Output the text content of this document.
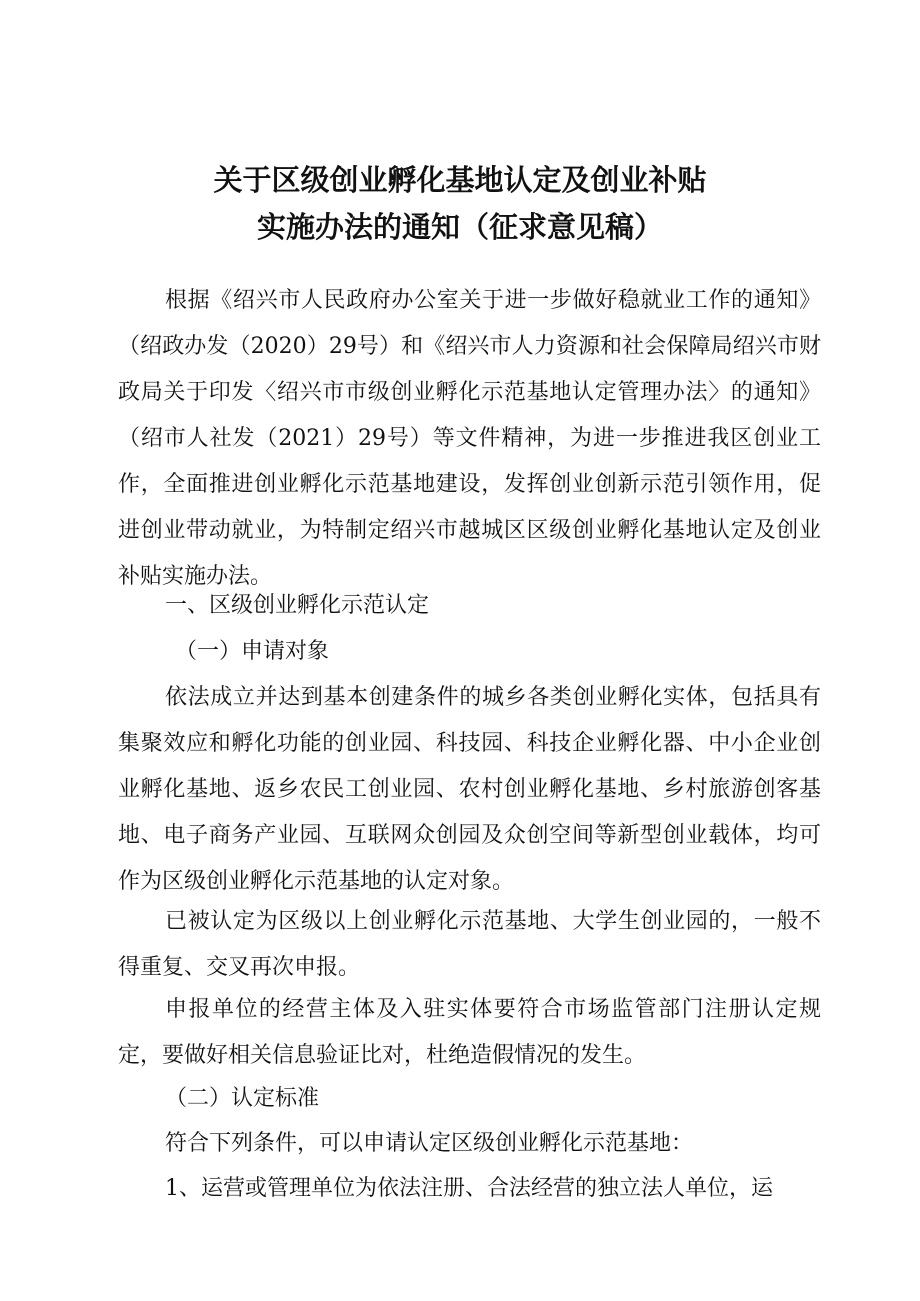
关于区级创业孵化基地认定及创业补贴
实施办法的通知（征求意见稿）

根据《绍兴市人民政府办公室关于进一步做好稳就业工作的通知》（绍政办发（2020）29号）和《绍兴市人力资源和社会保障局绍兴市财政局关于印发〈绍兴市市级创业孵化示范基地认定管理办法〉的通知》（绍市人社发（2021）29号）等文件精神，为进一步推进我区创业工作，全面推进创业孵化示范基地建设，发挥创业创新示范引领作用，促进创业带动就业，为特制定绍兴市越城区区级创业孵化基地认定及创业补贴实施办法。

一、区级创业孵化示范认定
（一）申请对象

依法成立并达到基本创建条件的城乡各类创业孵化实体，包括具有集聚效应和孵化功能的创业园、科技园、科技企业孵化器、中小企业创业孵化基地、返乡农民工创业园、农村创业孵化基地、乡村旅游创客基地、电子商务产业园、互联网众创园及众创空间等新型创业载体，均可作为区级创业孵化示范基地的认定对象。

已被认定为区级以上创业孵化示范基地、大学生创业园的，一般不得重复、交叉再次申报。

申报单位的经营主体及入驻实体要符合市场监管部门注册认定规定，要做好相关信息验证比对，杜绝造假情况的发生。

（二）认定标准
符合下列条件，可以申请认定区级创业孵化示范基地：
1、运营或管理单位为依法注册、合法经营的独立法人单位，运
